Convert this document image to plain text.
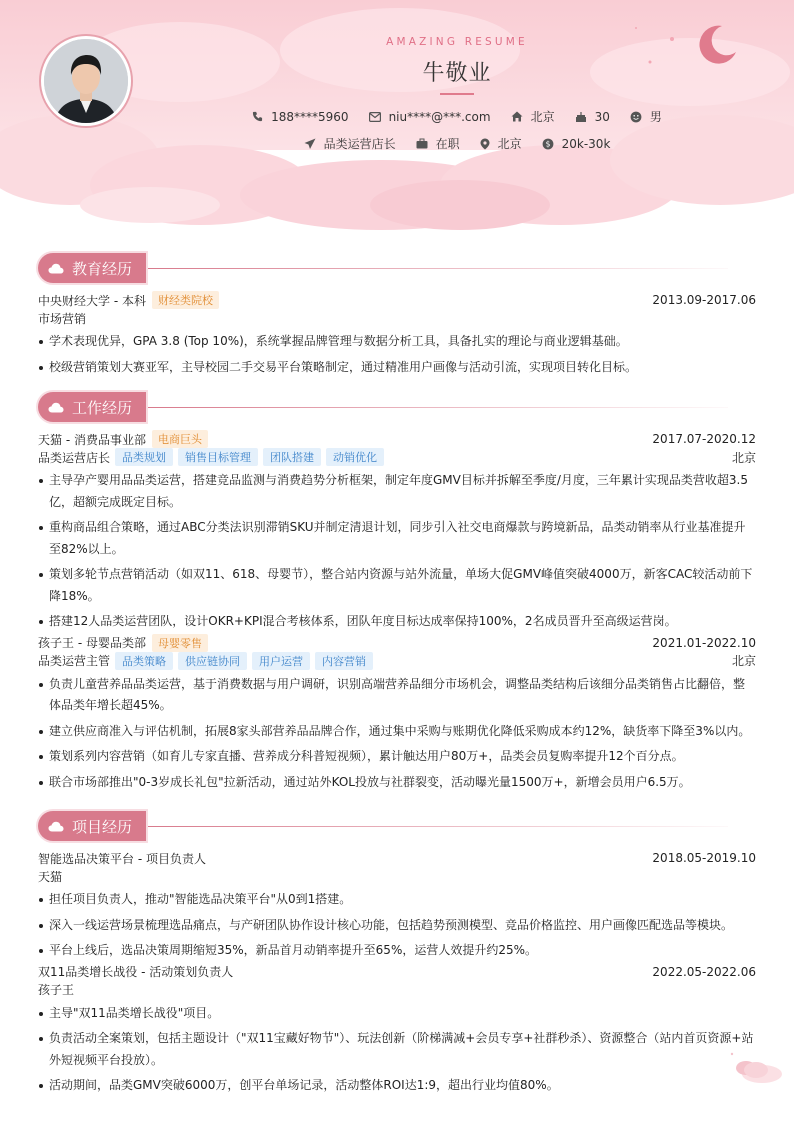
AMAZING RESUME
牛敬业
188****5960	niu****@***.com	北京	30	男
品类运营店长	在职	北京	$ 20k-30k
教育经历
中央财经大学 - 本科	财经类院校	2013.09-2017.06
市场营销
学术表现优异，GPA 3.8 (Top 10%)，系统掌握品牌管理与数据分析工具，具备扎实的理论与商业逻辑基础。
校级营销策划大赛亚军，主导校园二手交易平台策略制定，通过精准用户画像与活动引流，实现项目转化目标。
工作经历
天猫 - 消费品事业部	电商巨头	2017.07-2020.12
品类运营店长	品类规划	销售目标管理	团队搭建	动销优化	北京
主导孕产婴用品品类运营，搭建竞品监测与消费趋势分析框架，制定年度GMV目标并拆解至季度/月度，三年累计实现品类营收超3.5亿，超额完成既定目标。
重构商品组合策略，通过ABC分类法识别滞销SKU并制定清退计划，同步引入社交电商爆款与跨境新品，品类动销率从行业基准提升至82%以上。
策划多轮节点营销活动（如双11、618、母婴节），整合站内资源与站外流量，单场大促GMV峰值突破4000万，新客CAC较活动前下降18%。
搭建12人品类运营团队，设计OKR+KPI混合考核体系，团队年度目标达成率保持100%，2名成员晋升至高级运营岗。
孩子王 - 母婴品类部	母婴零售	2021.01-2022.10
品类运营主管	品类策略	供应链协同	用户运营	内容营销	北京
负责儿童营养品品类运营，基于消费数据与用户调研，识别高端营养品细分市场机会，调整品类结构后该细分品类销售占比翻倍，整体品类年增长超45%。
建立供应商准入与评估机制，拓展8家头部营养品品牌合作，通过集中采购与账期优化降低采购成本约12%，缺货率下降至3%以内。
策划系列内容营销（如育儿专家直播、营养成分科普短视频），累计触达用户80万+，品类会员复购率提升12个百分点。
联合市场部推出"0-3岁成长礼包"拉新活动，通过站外KOL投放与社群裂变，活动曝光量1500万+，新增会员用户6.5万。
项目经历
智能选品决策平台 - 项目负责人	2018.05-2019.10
天猫
担任项目负责人，推动"智能选品决策平台"从0到1搭建。
深入一线运营场景梳理选品痛点，与产研团队协作设计核心功能，包括趋势预测模型、竞品价格监控、用户画像匹配选品等模块。
平台上线后，选品决策周期缩短35%，新品首月动销率提升至65%，运营人效提升约25%。
双11品类增长战役 - 活动策划负责人	2022.05-2022.06
孩子王
主导"双11品类增长战役"项目。
负责活动全案策划，包括主题设计（"双11宝藏好物节"）、玩法创新（阶梯满减+会员专享+社群秒杀）、资源整合（站内首页资源+站外短视频平台投放）。
活动期间，品类GMV突破6000万，创平台单场记录，活动整体ROI达1:9，超出行业均值80%。
